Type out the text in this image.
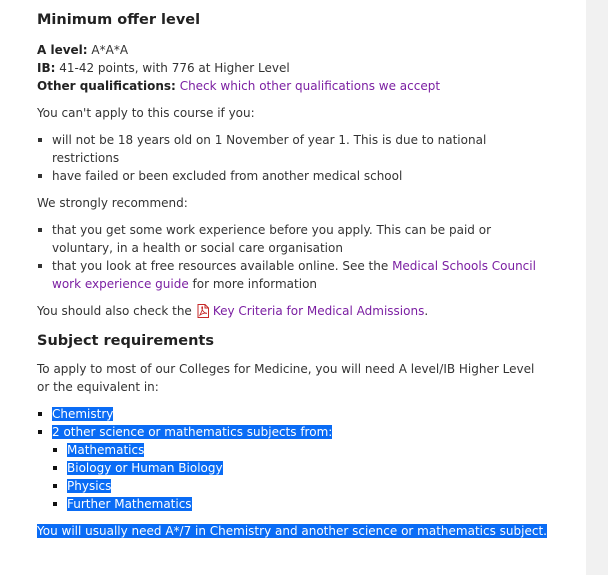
Minimum offer level
A level: A*A*A
IB: 41-42 points, with 776 at Higher Level
Other qualifications: Check which other qualifications we accept

You can't apply to this course if you:

will not be 18 years old on 1 November of year 1. This is due to national restrictions
have failed or been excluded from another medical school

We strongly recommend:

that you get some work experience before you apply. This can be paid or voluntary, in a health or social care organisation
that you look at free resources available online. See the Medical Schools Council work experience guide for more information

You should also check the Key Criteria for Medical Admissions.

Subject requirements

To apply to most of our Colleges for Medicine, you will need A level/IB Higher Level or the equivalent in:

Chemistry
2 other science or mathematics subjects from:
Mathematics
Biology or Human Biology
Physics
Further Mathematics

You will usually need A*/7 in Chemistry and another science or mathematics subject.
